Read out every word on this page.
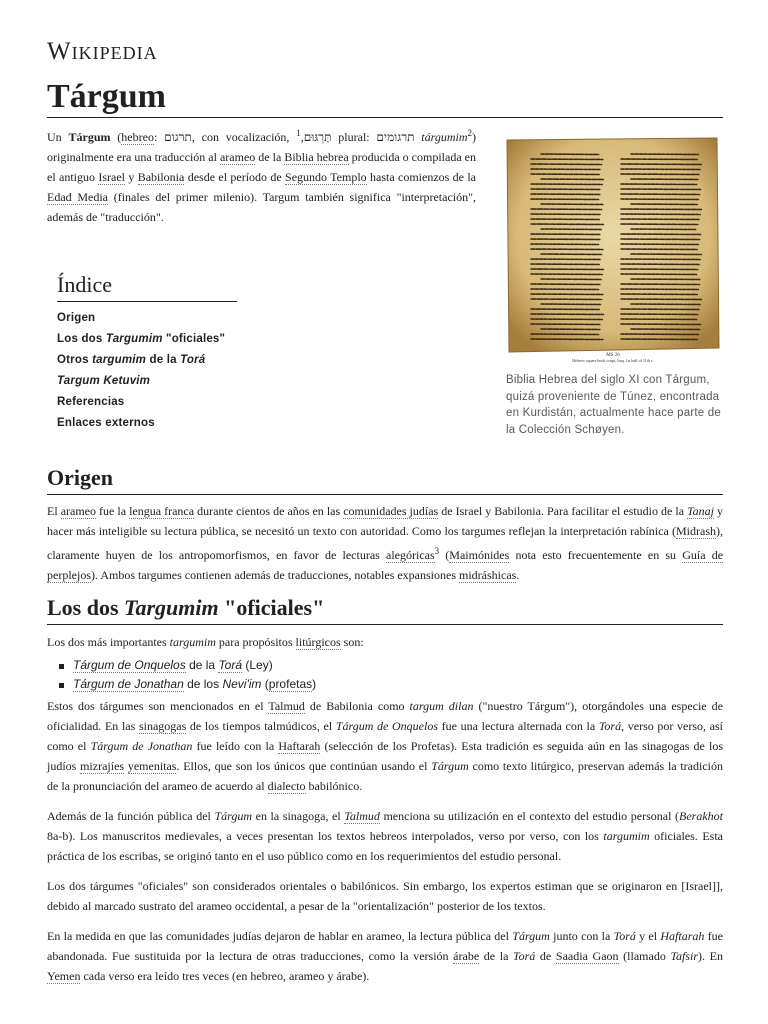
Wikipedia
Tárgum

Un Tárgum (hebreo: תרגום, con vocalización, תַּרְגּוּם,$^1$	plural: תרגומים tárgumim$^2$) originalmente era una traducción al arameo de la Biblia hebrea producida o compilada en el antiguo Israel y Babilonia desde el período de Segundo Templo hasta comienzos de la Edad Media (finales del primer milenio). Targum también significa "interpretación", además de "traducción".

MS 26
Hebrew square book script, Iraq, 1st half of 11th c.
Biblia Hebrea del siglo XI con Tárgum, quizá proveniente de Túnez, encontrada en Kurdistán, actualmente hace parte de la Colección Schøyen.
Índice
Origen
Los dos Targumim "oficiales"
Otros targumim de la Torá
Targum Ketuvim
Referencias
Enlaces externos
Origen

El arameo fue la lengua franca durante cientos de años en las comunidades judías de Israel y Babilonia. Para facilitar el estudio de la Tanaj y hacer más inteligible su lectura pública, se necesitó un texto con autoridad. Como los targumes reflejan la interpretación rabínica (Midrash), claramente huyen de los antropomorfismos, en favor de lecturas alegóricas$^3$ (Maimónides nota esto frecuentemente en su Guía de perplejos). Ambos targumes contienen además de traducciones, notables expansiones midráshicas.

Los dos Targumim "oficiales"

Los dos más importantes targumim para propósitos litúrgicos son:

Tárgum de Onquelos de la Torá (Ley)
Tárgum de Jonathan de los Nevi'im (profetas)

Estos dos tárgumes son mencionados en el Talmud de Babilonia como targum dilan ("nuestro Tárgum"), otorgándoles una especie de oficialidad. En las sinagogas de los tiempos talmúdicos, el Tárgum de Onquelos fue una lectura alternada con la Torá, verso por verso, así como el Tárgum de Jonathan fue leído con la Haftarah (selección de los Profetas). Esta tradición es seguida aún en las sinagogas de los judíos mizrajíes yemenitas. Ellos, que son los únicos que continúan usando el Tárgum como texto litúrgico, preservan además la tradición de la pronunciación del arameo de acuerdo al dialecto babilónico.

Además de la función pública del Tárgum en la sinagoga, el Talmud menciona su utilización en el contexto del estudio personal (Berakhot 8a-b). Los manuscritos medievales, a veces presentan los textos hebreos interpolados, verso por verso, con los targumim oficiales. Esta práctica de los escribas, se originó tanto en el uso público como en los requerimientos del estudio personal.

Los dos tárgumes "oficiales" son considerados orientales o babilónicos. Sin embargo, los expertos estiman que se originaron en [Israel]], debido al marcado sustrato del arameo occidental, a pesar de la "orientalización" posterior de los textos.

En la medida en que las comunidades judías dejaron de hablar en arameo, la lectura pública del Tárgum junto con la Torá y el Haftarah fue abandonada. Fue sustituida por la lectura de otras traducciones, como la versión árabe de la Torá de Saadia Gaon (llamado Tafsir). En Yemen cada verso era leído tres veces (en hebreo, arameo y árabe).
